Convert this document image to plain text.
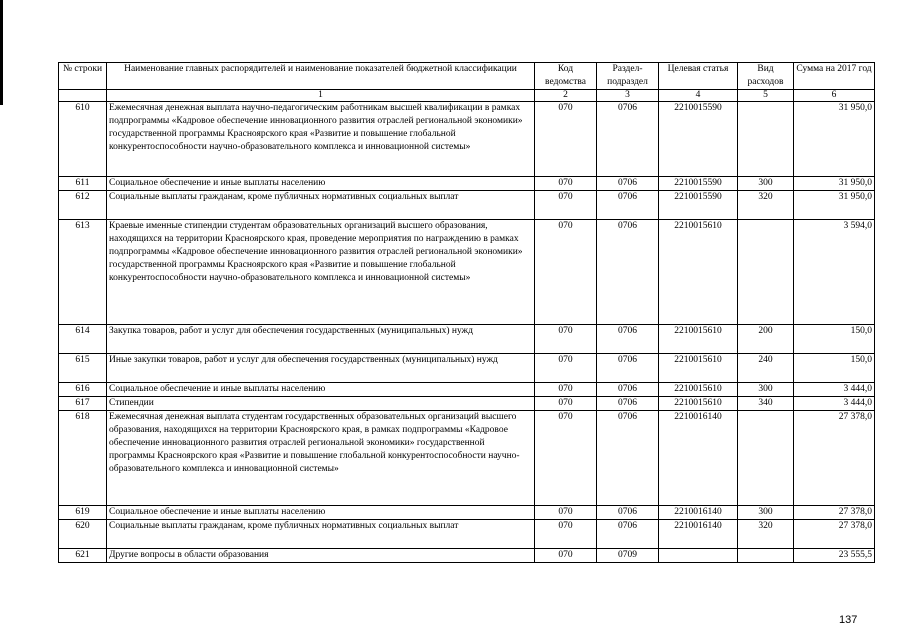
№ строки	Наименование главных распорядителей и наименование показателей бюджетной классификации	Код ведомства	Раздел-подраздел	Целевая статья	Вид расходов	Сумма на 2017 год
	1	2	3	4	5	6
610	Ежемесячная денежная выплата научно-педагогическим работникам высшей квалификации в рамках подпрограммы «Кадровое обеспечение инновационного развития отраслей региональной экономики» государственной программы Красноярского края «Развитие и повышение глобальной конкурентоспособности научно-образовательного комплекса и инновационной системы»	070	0706	2210015590		31 950,0
611	Социальное обеспечение и иные выплаты населению	070	0706	2210015590	300	31 950,0
612	Социальные выплаты гражданам, кроме публичных нормативных социальных выплат	070	0706	2210015590	320	31 950,0
613	Краевые именные стипендии студентам образовательных организаций высшего образования, находящихся на территории Красноярского края, проведение мероприятия по награждению в рамках подпрограммы «Кадровое обеспечение инновационного развития отраслей региональной экономики» государственной программы Красноярского края «Развитие и повышение глобальной конкурентоспособности научно-образовательного комплекса и инновационной системы»	070	0706	2210015610		3 594,0
614	Закупка товаров, работ и услуг для обеспечения государственных (муниципальных) нужд	070	0706	2210015610	200	150,0
615	Иные закупки товаров, работ и услуг для обеспечения государственных (муниципальных) нужд	070	0706	2210015610	240	150,0
616	Социальное обеспечение и иные выплаты населению	070	0706	2210015610	300	3 444,0
617	Стипендии	070	0706	2210015610	340	3 444,0
618	Ежемесячная денежная выплата студентам государственных образовательных организаций высшего образования, находящихся на территории Красноярского края, в рамках подпрограммы «Кадровое обеспечение инновационного развития отраслей региональной экономики» государственной программы Красноярского края «Развитие и повышение глобальной конкурентоспособности научно-образовательного комплекса и инновационной системы»	070	0706	2210016140		27 378,0
619	Социальное обеспечение и иные выплаты населению	070	0706	2210016140	300	27 378,0
620	Социальные выплаты гражданам, кроме публичных нормативных социальных выплат	070	0706	2210016140	320	27 378,0
621	Другие вопросы в области образования	070	0709			23 555,5
137
